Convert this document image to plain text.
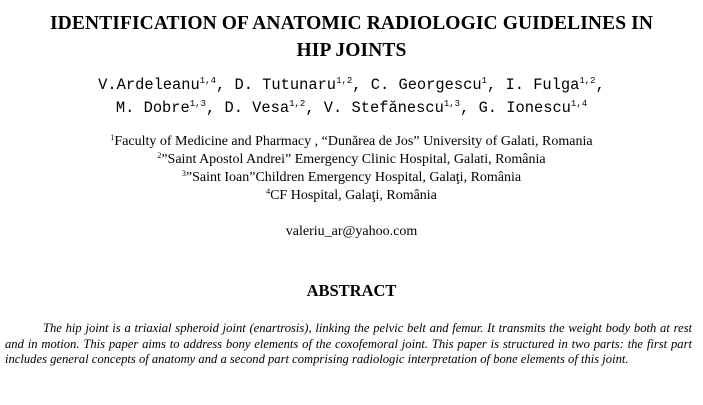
IDENTIFICATION OF ANATOMIC RADIOLOGIC GUIDELINES IN
HIP JOINTS
V.Ardeleanu$^{1,4}$, D. Tutunaru$^{1,2}$, C. Georgescu$^1$, I. Fulga$^{1,2}$,
M. Dobre$^{1,3}$, D. Vesa$^{1,2}$, V. Stefănescu$^{1,3}$, G. Ionescu$^{1,4}$
$^1$Faculty of Medicine and Pharmacy , “Dunărea de Jos” University of Galati, Romania
$^2$”Saint Apostol Andrei” Emergency Clinic Hospital, Galati, România
$^3$”Saint Ioan”Children Emergency Hospital, Galaţi, România
$^4$CF Hospital, Galaţi, România
valeriu_ar@yahoo.com
ABSTRACT
The hip joint is a triaxial spheroid joint (enartrosis), linking the pelvic belt and femur. It transmits the weight body both at rest and in motion. This paper aims to address bony elements of the coxofemoral joint. This paper is structured in two parts: the first part includes general concepts of anatomy and a second part comprising radiologic interpretation of bone elements of this joint.
